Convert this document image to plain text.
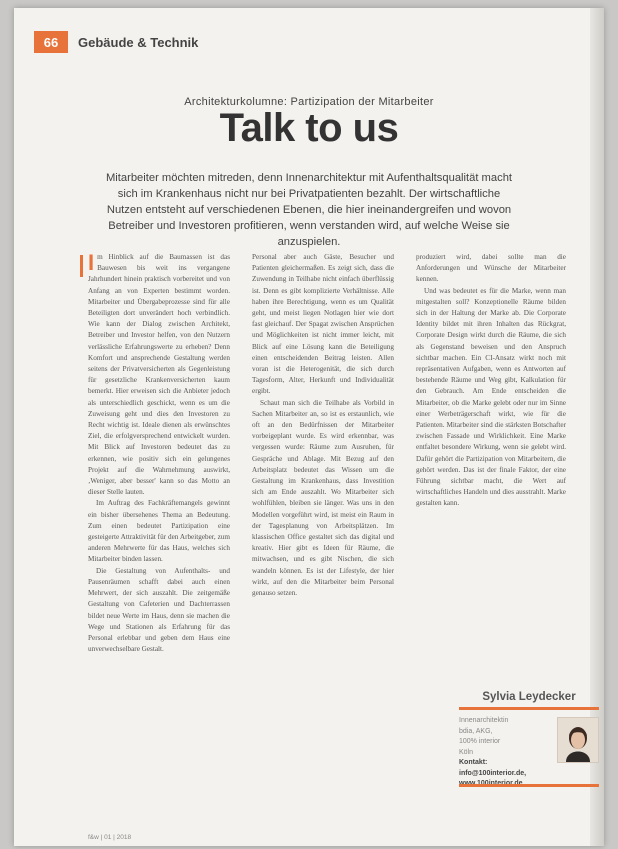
66	Gebäude & Technik
Architekturkolumne: Partizipation der Mitarbeiter
Talk to us
Mitarbeiter möchten mitreden, denn Innenarchitektur mit Aufenthaltsqualität macht sich im Krankenhaus nicht nur bei Privatpatienten bezahlt. Der wirtschaftliche Nutzen entsteht auf verschiedenen Ebenen, die hier ineinandergreifen und wovon Betreiber und Investoren profitieren, wenn verstanden wird, auf welche Weise sie anzuspielen.

Im Hinblick auf die Baumassen ist das Bauwesen bis weit ins vergangene Jahrhundert hinein praktisch vorbereitet und von Anfang an von Experten bestimmt worden. Mitarbeiter und Übergabeprozesse sind für alle Beteiligten dort unverändert hoch verbindlich. Wie kann der Dialog zwischen Architekt, Betreiber und Investor helfen, von den Nutzern verlässliche Erfahrungswerte zu erheben? Denn Komfort und ansprechende Gestaltung werden seitens der Privatversicherten als Gegenleistung für gesetzliche Krankenversicherten kaum bemerkt. Hier erweisen sich die Anbieter jedoch als unterschiedlich geschickt, wenn es um die Zuweisung geht und dies den Investoren zu Recht wichtig ist. Ideale dienen als erwünschtes Ziel, die erfolgversprechend entwickelt wurden. Mit Blick auf Investoren bedeutet das zu erkennen, wie positiv sich ein gelungenes Projekt auf die Wahrnehmung auswirkt, ‚Weniger, aber besser' kann so das Motto an dieser Stelle lauten.

Im Auftrag des Fachkräftemangels gewinnt ein bisher übersehenes Thema an Bedeutung. Zum einen bedeutet Partizipation eine gesteigerte Attraktivität für den Arbeitgeber, zum anderen Mehrwerte für das Haus, welches sich Mitarbeiter binden lassen.

Die Gestaltung von Aufenthalts- und Pausenräumen schafft dabei auch einen Mehrwert, der sich auszahlt. Die zeitgemäße Gestaltung von Cafeterien und Dachterrassen bildet neue Werte im Haus, denn sie machen die Wege und Stationen als Erfahrung für das Personal erlebbar und geben dem Haus eine unverwechselbare Gestalt.

Personal aber auch Gäste, Besucher und Patienten gleichermaßen. Es zeigt sich, dass die Zuwendung in Teilhabe nicht einfach überflüssig ist. Denn es gibt komplizierte Verhältnisse. Alle haben ihre Berechtigung, wenn es um Qualität geht, und meist liegen Notlagen hier wie dort fast gleichauf. Der Spagat zwischen Ansprüchen und Möglichkeiten ist nicht immer leicht, mit Blick auf eine Lösung kann die Beteiligung einen entscheidenden Beitrag leisten. Allen voran ist die Heterogenität, die sich durch Tagesform, Alter, Herkunft und Individualität ergibt.

Schaut man sich die Teilhabe als Vorbild in Sachen Mitarbeiter an, so ist es erstaunlich, wie oft an den Bedürfnissen der Mitarbeiter vorbeigeplant wurde. Es wird erkennbar, was vergessen wurde: Räume zum Ausruhen, für Gespräche und Ablage. Mit Bezug auf den Arbeitsplatz bedeutet das Wissen um die Gestaltung im Krankenhaus, dass Investition sich am Ende auszahlt. Wo Mitarbeiter sich wohlfühlen, bleiben sie länger. Was uns in den Modellen vorgeführt wird, ist meist ein Raum in der Tagesplanung von Arbeitsplätzen. Im klassischen Office gestaltet sich das digital und kreativ. Hier gibt es Ideen für Räume, die mitwachsen, und es gibt Nischen, die sich wandeln können. Es ist der Lifestyle, der hier wirkt, auf den die Mitarbeiter beim Personal genauso setzen.

produziert wird, dabei sollte man die Anforderungen und Wünsche der Mitarbeiter kennen.

Und was bedeutet es für die Marke, wenn man mitgestalten soll? Konzeptionelle Räume bilden sich in der Haltung der Marke ab. Die Corporate Identity bildet mit ihren Inhalten das Rückgrat, Corporate Design wirkt durch die Räume, die sich als Gegenstand beweisen und den Anspruch sichtbar machen. Ein CI-Ansatz wirkt noch mit repräsentativen Aufgaben, wenn es Antworten auf bestehende Räume und Weg gibt, Kalkulation für den Gebrauch. Am Ende entscheiden die Mitarbeiter, ob die Marke gelebt oder nur im Sinne einer Werbeträgerschaft wirkt, wie für die Patienten. Mitarbeiter sind die stärksten Botschafter zwischen Fassade und Wirklichkeit. Eine Marke entfaltet besondere Wirkung, wenn sie gelebt wird. Dafür gehört die Partizipation von Mitarbeitern, die gehört werden. Das ist der finale Faktor, der eine Führung sichtbar macht, die Wert auf wirtschaftliches Handeln und dies ausstrahlt. Marke gestalten kann.

Sylvia Leydecker
Innenarchitektin
bdia, AKG,
100% interior
Köln
Kontakt:
info@100interior.de,
f&w | 01 | 2018
